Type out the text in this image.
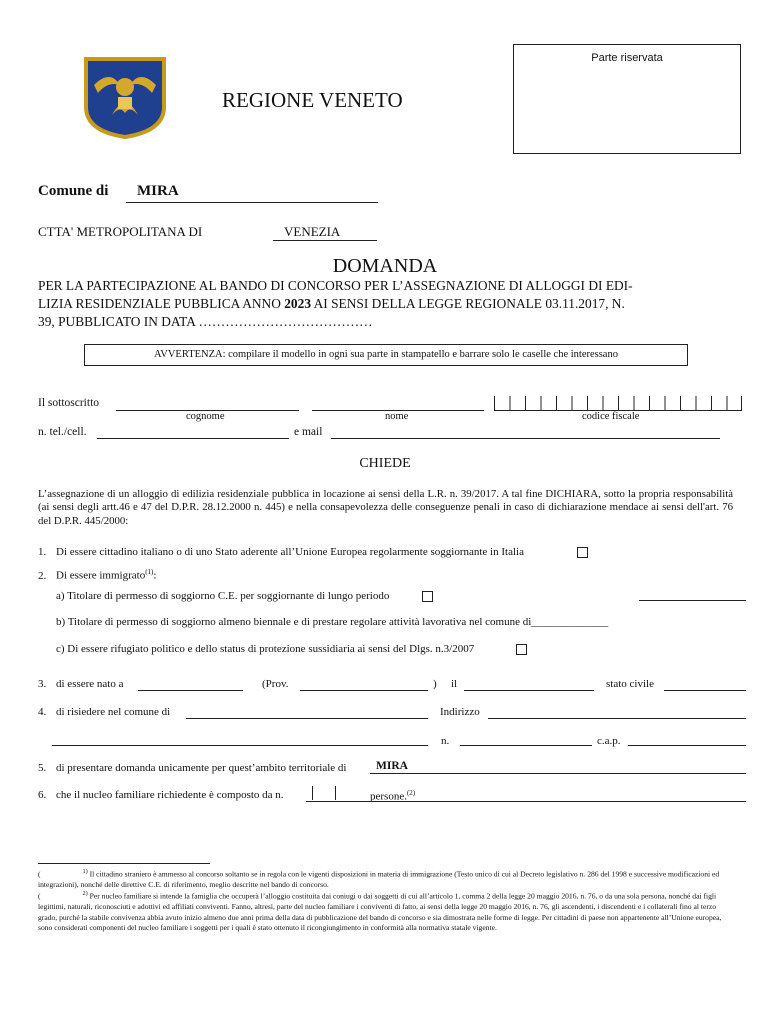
Parte riservata
REGIONE VENETO
Comune di MIRA
CTTA' METROPOLITANA DI	VENEZIA
DOMANDA
PER LA PARTECIPAZIONE AL BANDO DI CONCORSO PER L’ASSEGNAZIONE DI ALLOGGI DI EDI-
LIZIA RESIDENZIALE PUBBLICA ANNO 2023 AI SENSI DELLA LEGGE REGIONALE 03.11.2017, N.
39, PUBBLICATO IN DATA …………………………………
AVVERTENZA: compilare il modello in ogni sua parte in stampatello e barrare solo le caselle che interessano
Il sottoscritto
cognome	nome	codice fiscale
n. tel./cell.	e mail
CHIEDE
L’assegnazione di un alloggio di edilizia residenziale pubblica in locazione ai sensi della L.R. n. 39/2017. A tal fine DICHIARA, sotto la propria responsabilità (ai sensi degli artt.46 e 47 del D.P.R. 28.12.2000 n. 445) e nella consapevolezza delle conseguenze penali in caso di dichiarazione mendace ai sensi dell'art. 76 del D.P.R. 445/2000:
1. Di essere cittadino italiano o di uno Stato aderente all’Unione Europea regolarmente soggiornante in Italia
2. Di essere immigrato$^{(1)}$:
a) Titolare di permesso di soggiorno C.E. per soggiornante di lungo periodo
b) Titolare di permesso di soggiorno almeno biennale e di prestare regolare attività lavorativa nel comune di______________
c) Di essere rifugiato politico e dello status di protezione sussidiaria ai sensi del Dlgs. n.3/2007
3. di essere nato a	(Prov.	) il	stato civile
4. di risiedere nel comune di	Indirizzo
n.	c.a.p.
5. di presentare domanda unicamente per quest’ambito territoriale di	MIRA
6. che il nucleo familiare richiedente è composto da n.	persone.$^{(2)}$
(	$^{1)}$ Il cittadino straniero è ammesso al concorso soltanto se in regola con le vigenti disposizioni in materia di immigrazione (Testo unico di cui al Decreto legislativo n. 286 del 1998 e successive modificazioni ed integrazioni), nonché delle direttive C.E. di riferimento, meglio descritte nel bando di concorso.
(	$^{2)}$ Per nucleo familiare si intende la famiglia che occuperà l’alloggio costituita dai coniugi o dai soggetti di cui all’articolo 1, comma 2 della legge 20 maggio 2016, n. 76, o da una sola persona, nonché dai figli legittimi, naturali, riconosciuti e adottivi ed affiliati conviventi. Fanno, altresì, parte del nucleo familiare i conviventi di fatto, ai sensi della legge 20 maggio 2016, n. 76, gli ascendenti, i discendenti e i collaterali fino al terzo grado, purché la stabile convivenza abbia avuto inizio almeno due anni prima della data di pubblicazione del bando di concorso e sia dimostrata nelle forme di legge. Per cittadini di paese non appartenente all’Unione europea, sono considerati componenti del nucleo familiare i soggetti per i quali è stato ottenuto il ricongiungimento in conformità alla normativa statale vigente.
